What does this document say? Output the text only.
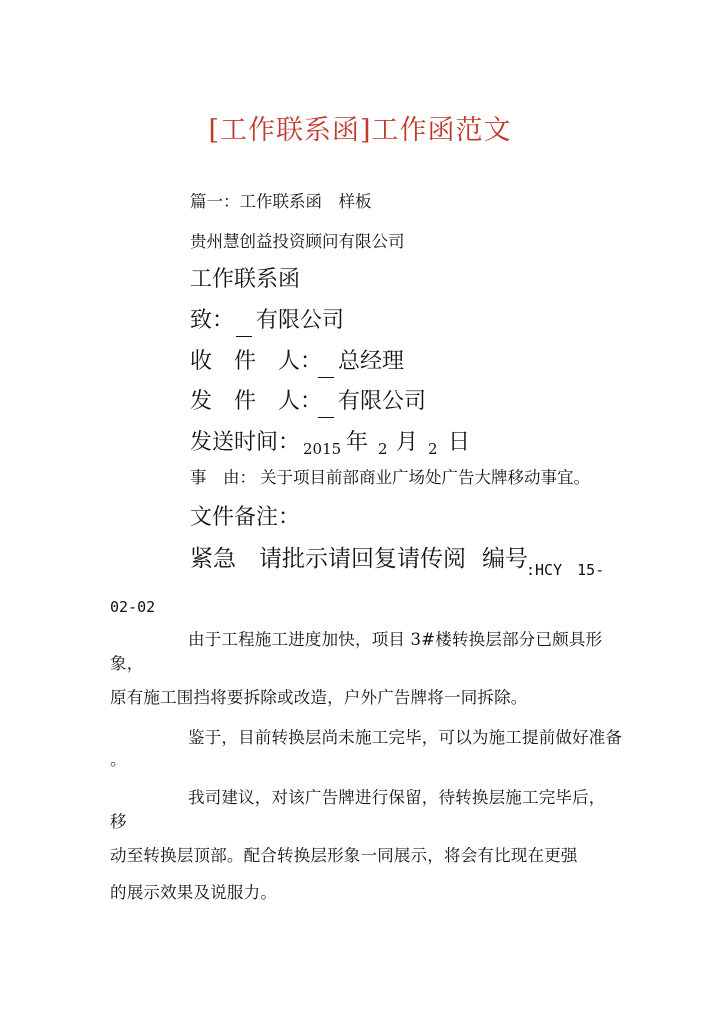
[工作联系函]工作函范文
篇一：工作联系函　样板
贵州慧创益投资顾问有限公司
工作联系函
致： 有限公司
收　件　人： 总经理
发　件　人： 有限公司
发送时间： 2015 年 2 月 2 日
事　由： 关于项目前部商业广场处广告大牌移动事宜。
文件备注：
紧急　请批示请回复请传阅 编号
:HCY　15-
02-02
由于工程施工进度加快，项目 3#楼转换层部分已颇具形
象，
原有施工围挡将要拆除或改造，户外广告牌将一同拆除。
鉴于，目前转换层尚未施工完毕，可以为施工提前做好准备
。
我司建议，对该广告牌进行保留，待转换层施工完毕后，
移
动至转换层顶部。配合转换层形象一同展示，将会有比现在更强
的展示效果及说服力。
